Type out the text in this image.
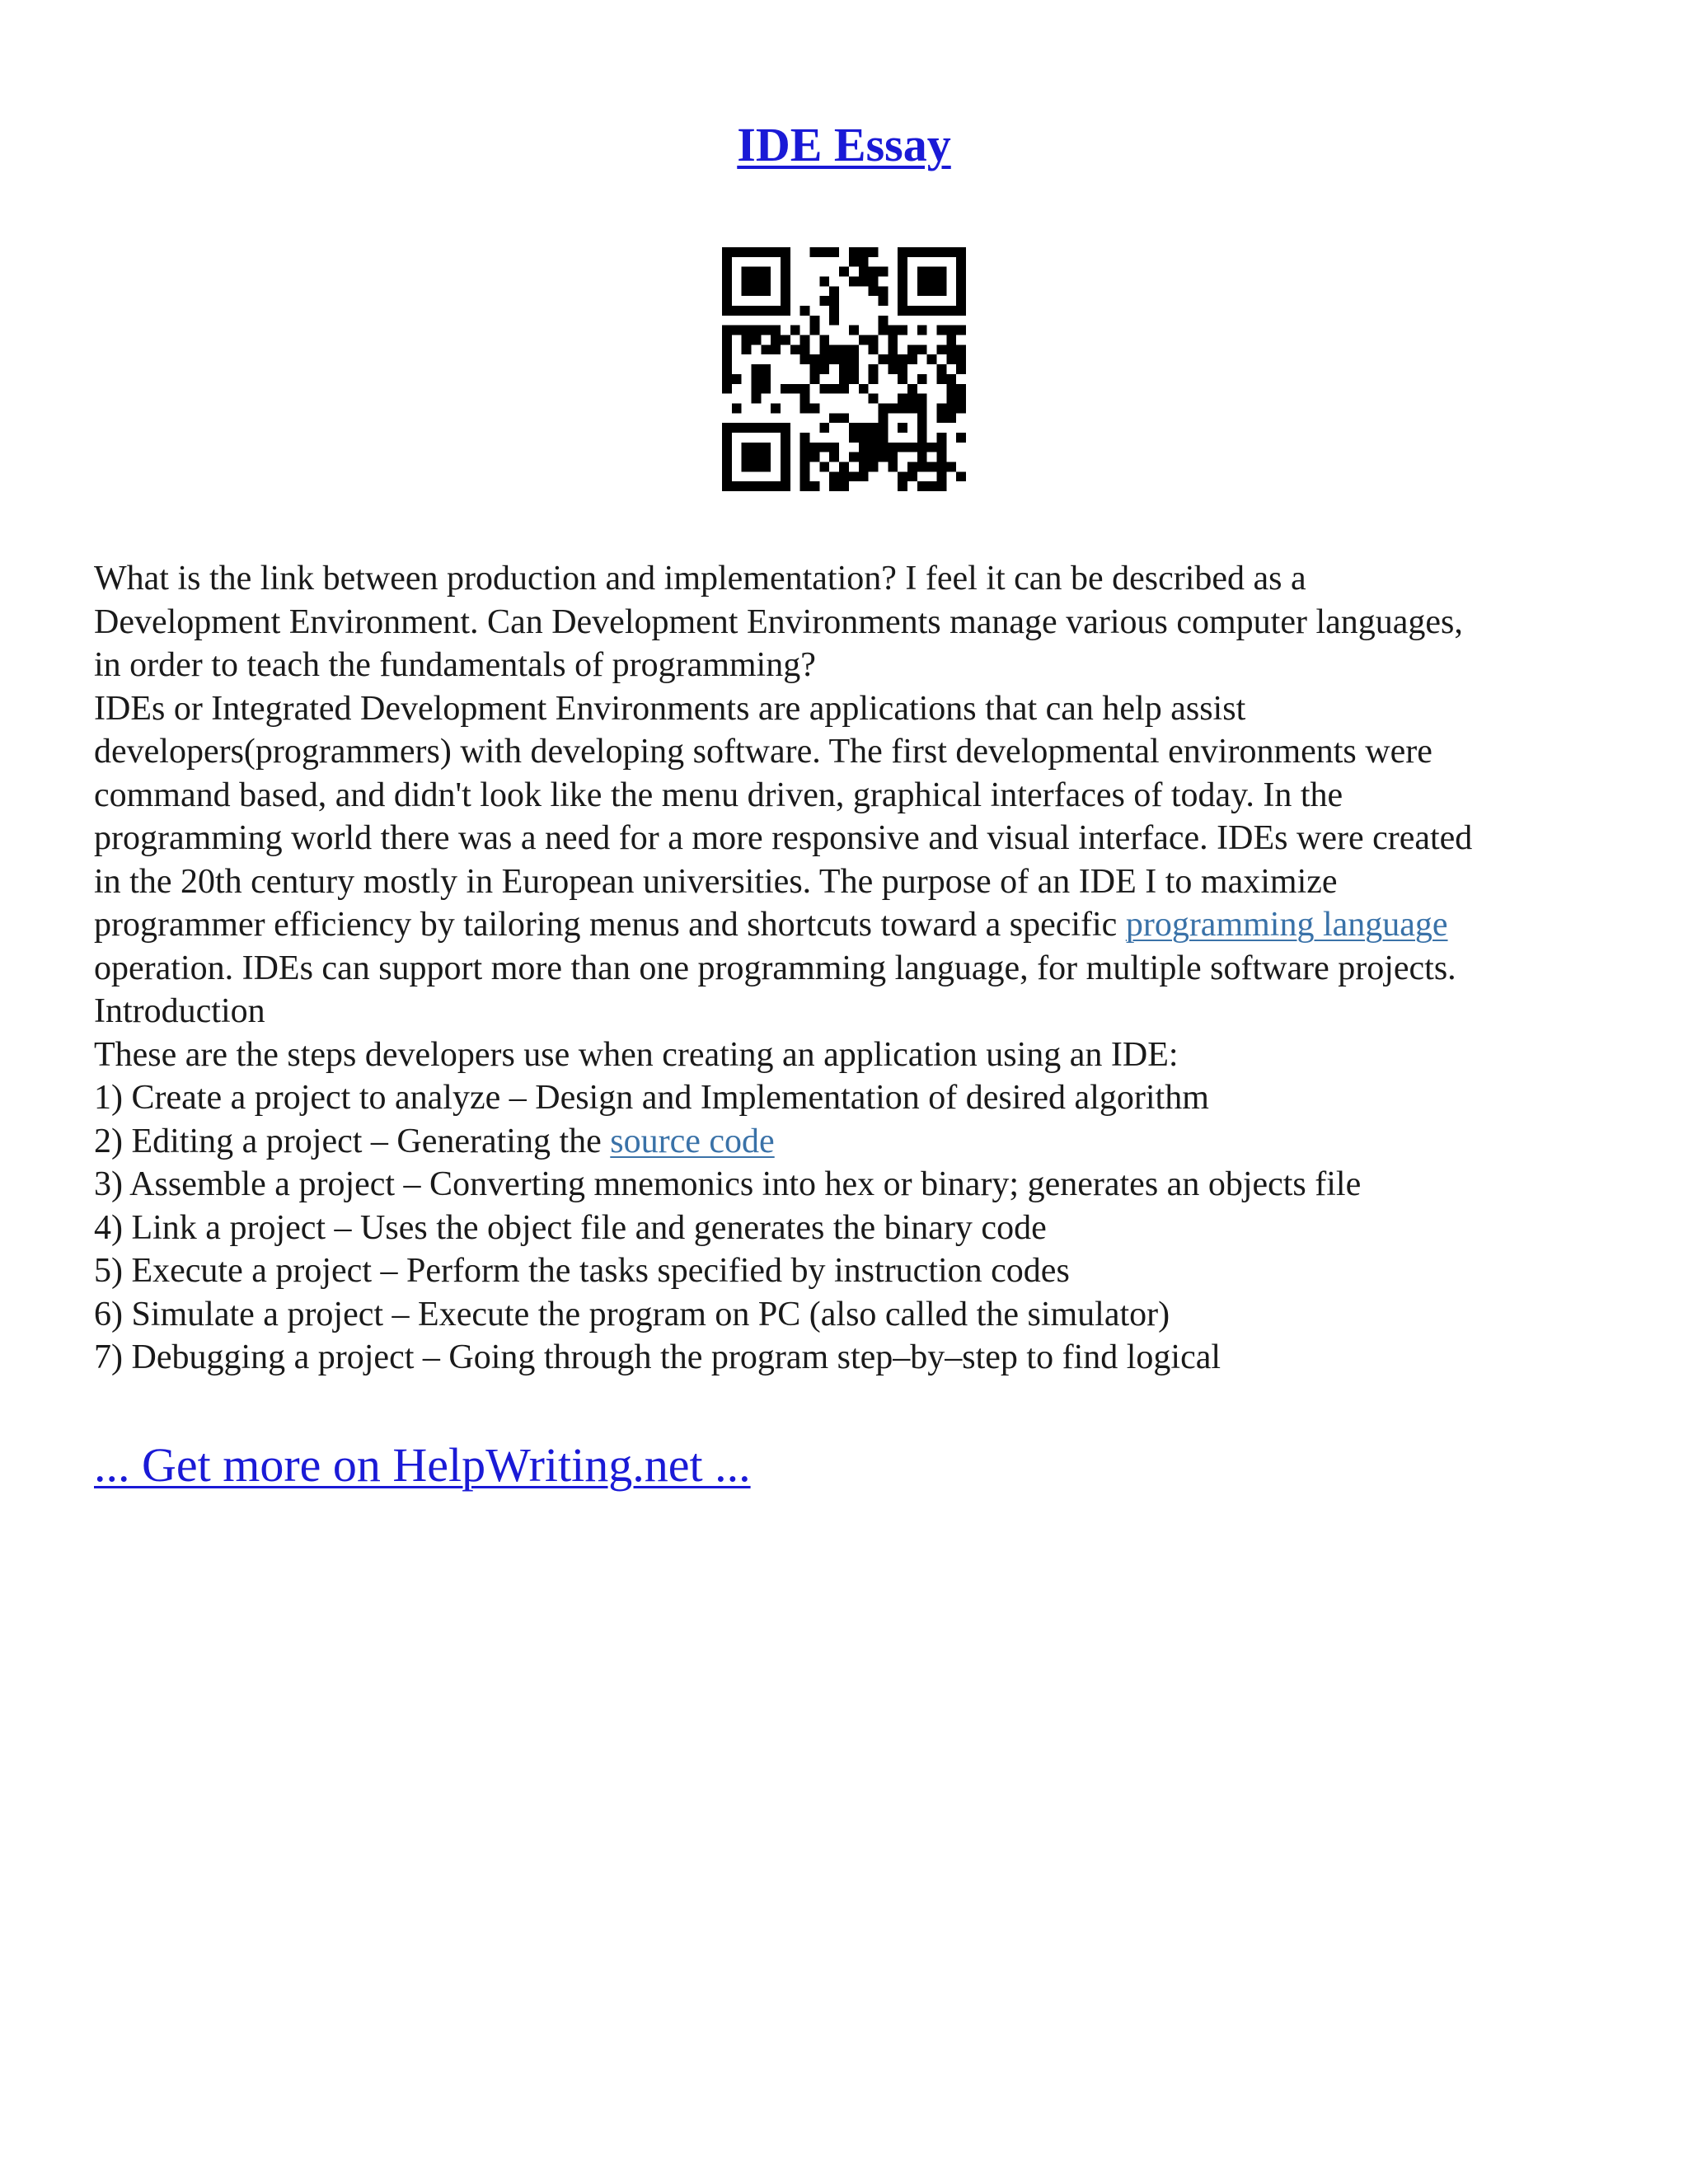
IDE Essay
What is the link between production and implementation? I feel it can be described as a
Development Environment. Can Development Environments manage various computer languages,
in order to teach the fundamentals of programming?
IDEs or Integrated Development Environments are applications that can help assist
developers(programmers) with developing software. The first developmental environments were
command based, and didn't look like the menu driven, graphical interfaces of today. In the
programming world there was a need for a more responsive and visual interface. IDEs were created
in the 20th century mostly in European universities. The purpose of an IDE I to maximize
programmer efficiency by tailoring menus and shortcuts toward a specific programming language
operation. IDEs can support more than one programming language, for multiple software projects.
Introduction
These are the steps developers use when creating an application using an IDE:
1) Create a project to analyze – Design and Implementation of desired algorithm
2) Editing a project – Generating the source code
3) Assemble a project – Converting mnemonics into hex or binary; generates an objects file
4) Link a project – Uses the object file and generates the binary code
5) Execute a project – Perform the tasks specified by instruction codes
6) Simulate a project – Execute the program on PC (also called the simulator)
7) Debugging a project – Going through the program step–by–step to find logical
... Get more on HelpWriting.net ...
